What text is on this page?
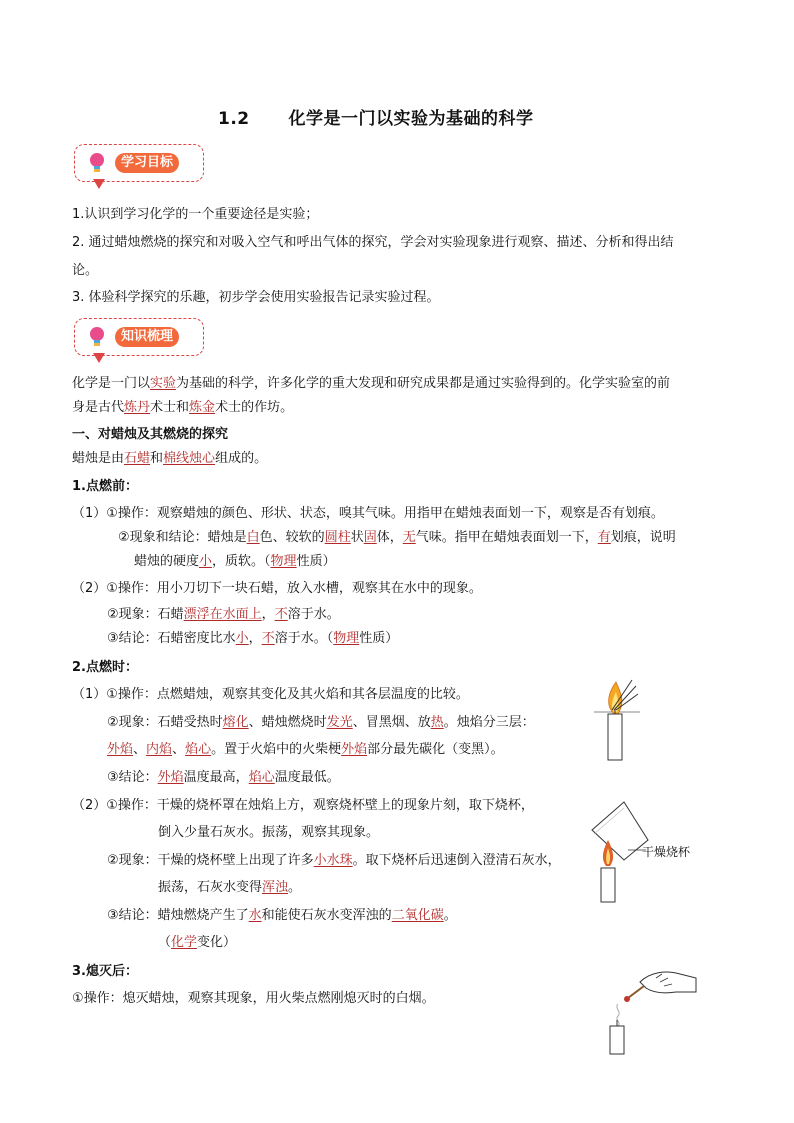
1.2 化学是一门以实验为基础的科学
学习目标
1.认识到学习化学的一个重要途径是实验；
2. 通过蜡烛燃烧的探究和对吸入空气和呼出气体的探究，学会对实验现象进行观察、描述、分析和得出结
论。
3. 体验科学探究的乐趣，初步学会使用实验报告记录实验过程。
知识梳理
化学是一门以实验为基础的科学，许多化学的重大发现和研究成果都是通过实验得到的。化学实验室的前
身是古代炼丹术士和炼金术士的作坊。
一、对蜡烛及其燃烧的探究
蜡烛是由石蜡和棉线烛心组成的。
1.点燃前：
（1）①操作：观察蜡烛的颜色、形状、状态，嗅其气味。用指甲在蜡烛表面划一下，观察是否有划痕。
②现象和结论：蜡烛是白色、较软的圆柱状固体，无气味。指甲在蜡烛表面划一下，有划痕，说明
蜡烛的硬度小，质软。（物理性质）
（2）①操作：用小刀切下一块石蜡，放入水槽，观察其在水中的现象。
②现象：石蜡漂浮在水面上，不溶于水。
③结论：石蜡密度比水小，不溶于水。（物理性质）
2.点燃时：
（1）①操作：点燃蜡烛，观察其变化及其火焰和其各层温度的比较。
②现象：石蜡受热时熔化、蜡烛燃烧时发光、冒黑烟、放热。烛焰分三层：
外焰、内焰、焰心。置于火焰中的火柴梗外焰部分最先碳化（变黑）。
③结论：外焰温度最高，焰心温度最低。
（2）①操作：干燥的烧杯罩在烛焰上方，观察烧杯壁上的现象片刻，取下烧杯，
倒入少量石灰水。振荡，观察其现象。
②现象：干燥的烧杯壁上出现了许多小水珠。取下烧杯后迅速倒入澄清石灰水，
振荡，石灰水变得浑浊。
③结论：蜡烛燃烧产生了水和能使石灰水变浑浊的二氧化碳。
（化学变化）
3.熄灭后：
①操作：熄灭蜡烛，观察其现象，用火柴点燃刚熄灭时的白烟。
干燥烧杯
